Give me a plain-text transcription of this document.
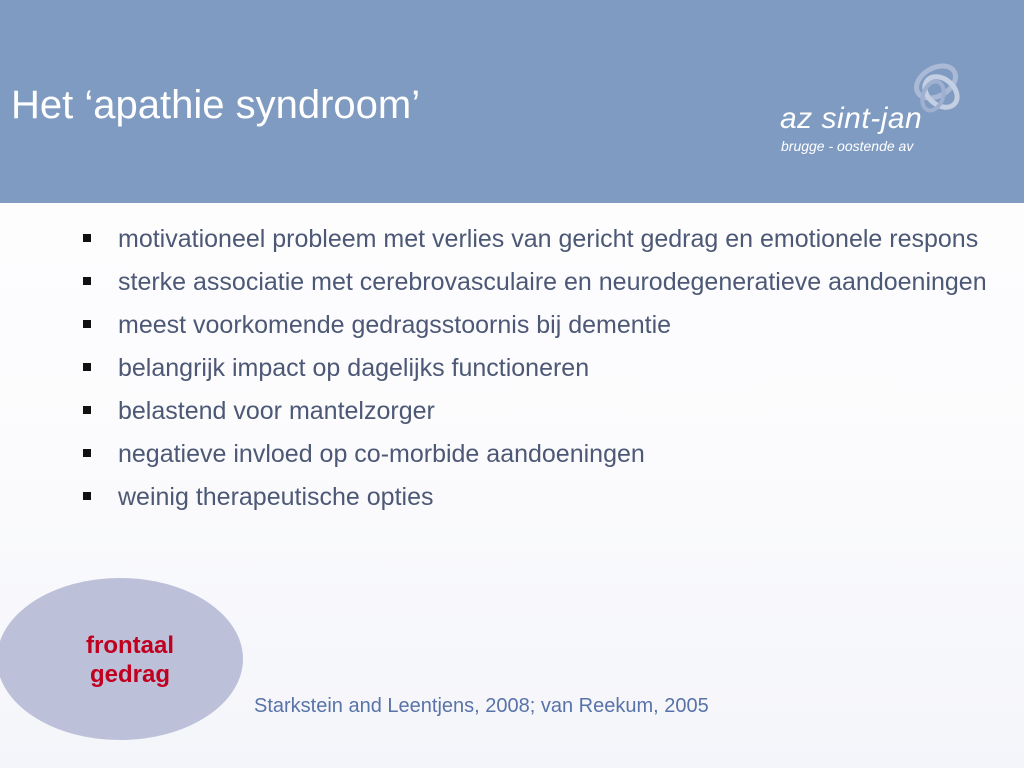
Het ‘apathie syndroom’	az sint-jan
brugge - oostende av
motivationeel probleem met verlies van gericht gedrag en emotionele respons
sterke associatie met cerebrovasculaire en neurodegeneratieve aandoeningen
meest voorkomende gedragsstoornis bij dementie
belangrijk impact op dagelijks functioneren
belastend voor mantelzorger
negatieve invloed op co-morbide aandoeningen
weinig therapeutische opties
frontaal
gedrag
Starkstein and Leentjens, 2008; van Reekum, 2005
